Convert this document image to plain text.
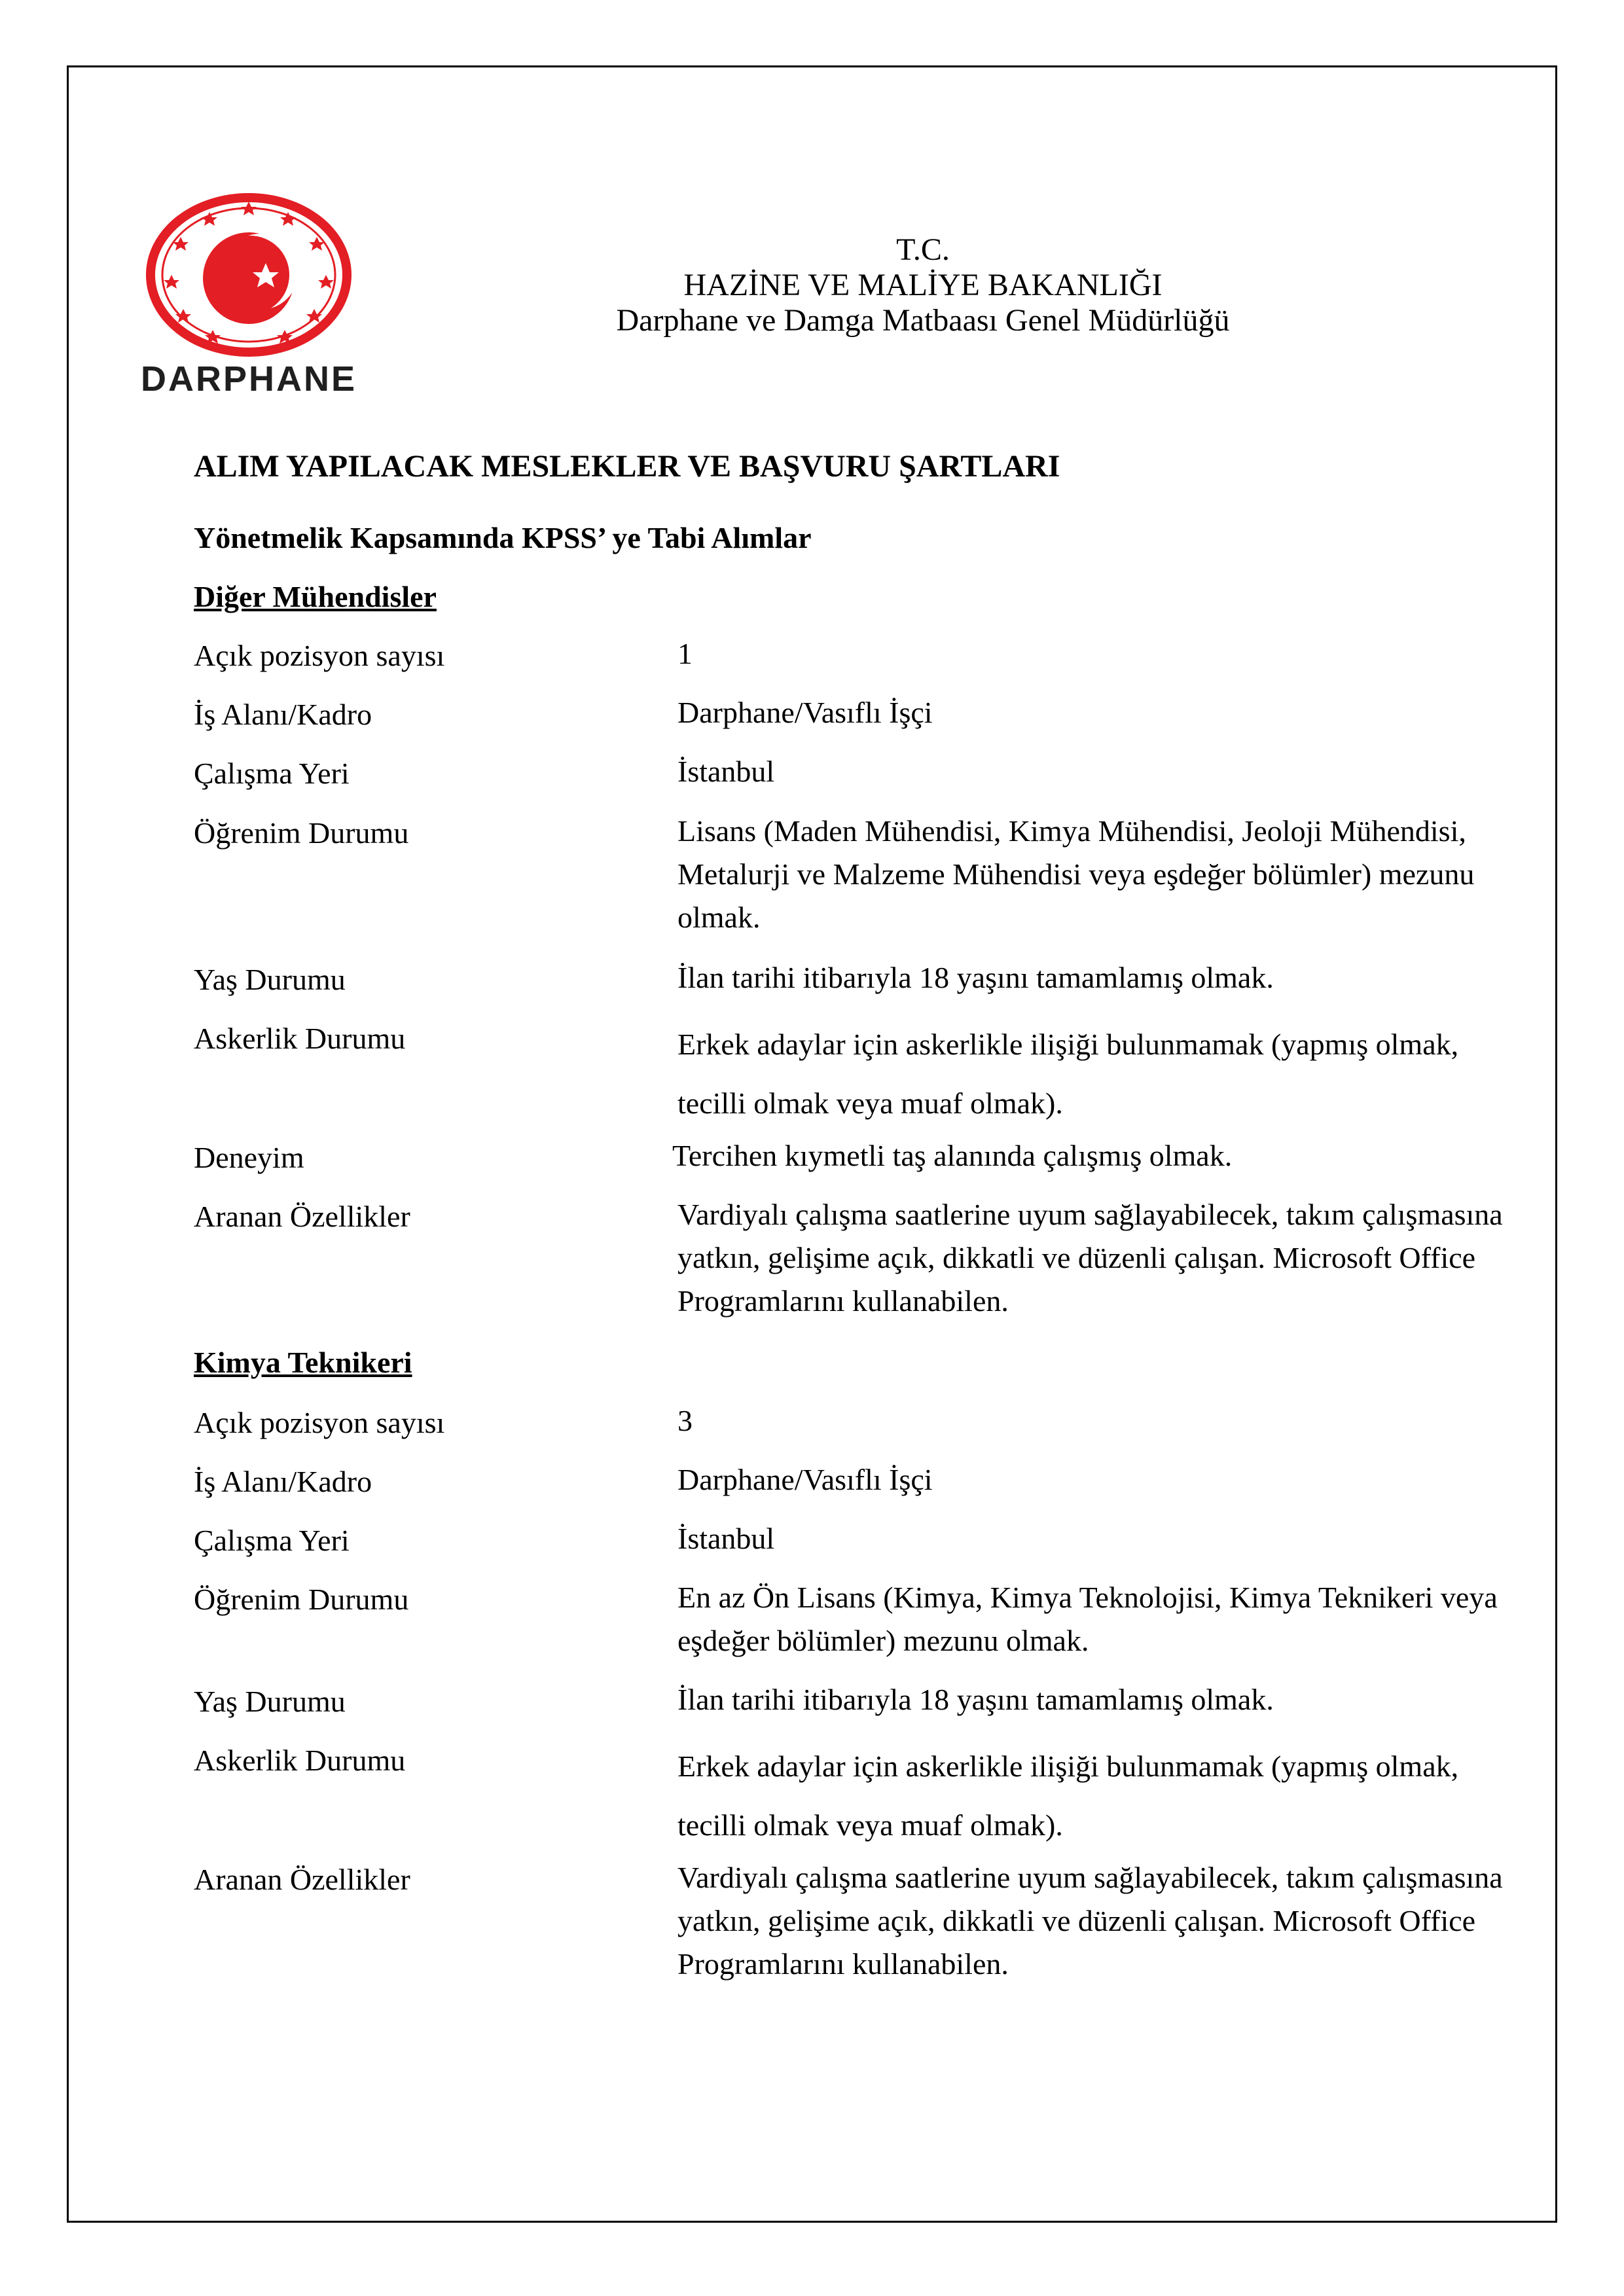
DARPHANE
T.C.
HAZİNE VE MALİYE BAKANLIĞI
Darphane ve Damga Matbaası Genel Müdürlüğü
ALIM YAPILACAK MESLEKLER VE BAŞVURU ŞARTLARI
Yönetmelik Kapsamında KPSS’ ye Tabi Alımlar
Diğer Mühendisler
Açık pozisyon sayısı	1
İş Alanı/Kadro	Darphane/Vasıflı İşçi
Çalışma Yeri	İstanbul
Öğrenim Durumu	Lisans (Maden Mühendisi, Kimya Mühendisi, Jeoloji Mühendisi, Metalurji ve Malzeme Mühendisi veya eşdeğer bölümler) mezunu olmak.
Yaş Durumu	İlan tarihi itibarıyla 18 yaşını tamamlamış olmak.
Askerlik Durumu	Erkek adaylar için askerlikle ilişiği bulunmamak (yapmış olmak, tecilli olmak veya muaf olmak).
Deneyim	Tercihen kıymetli taş alanında çalışmış olmak.
Aranan Özellikler	Vardiyalı çalışma saatlerine uyum sağlayabilecek, takım çalışmasına yatkın, gelişime açık, dikkatli ve düzenli çalışan. Microsoft Office Programlarını kullanabilen.
Kimya Teknikeri
Açık pozisyon sayısı	3
İş Alanı/Kadro	Darphane/Vasıflı İşçi
Çalışma Yeri	İstanbul
Öğrenim Durumu	En az Ön Lisans (Kimya, Kimya Teknolojisi, Kimya Teknikeri veya eşdeğer bölümler) mezunu olmak.
Yaş Durumu	İlan tarihi itibarıyla 18 yaşını tamamlamış olmak.
Askerlik Durumu	Erkek adaylar için askerlikle ilişiği bulunmamak (yapmış olmak, tecilli olmak veya muaf olmak).
Aranan Özellikler	Vardiyalı çalışma saatlerine uyum sağlayabilecek, takım çalışmasına yatkın, gelişime açık, dikkatli ve düzenli çalışan. Microsoft Office Programlarını kullanabilen.
